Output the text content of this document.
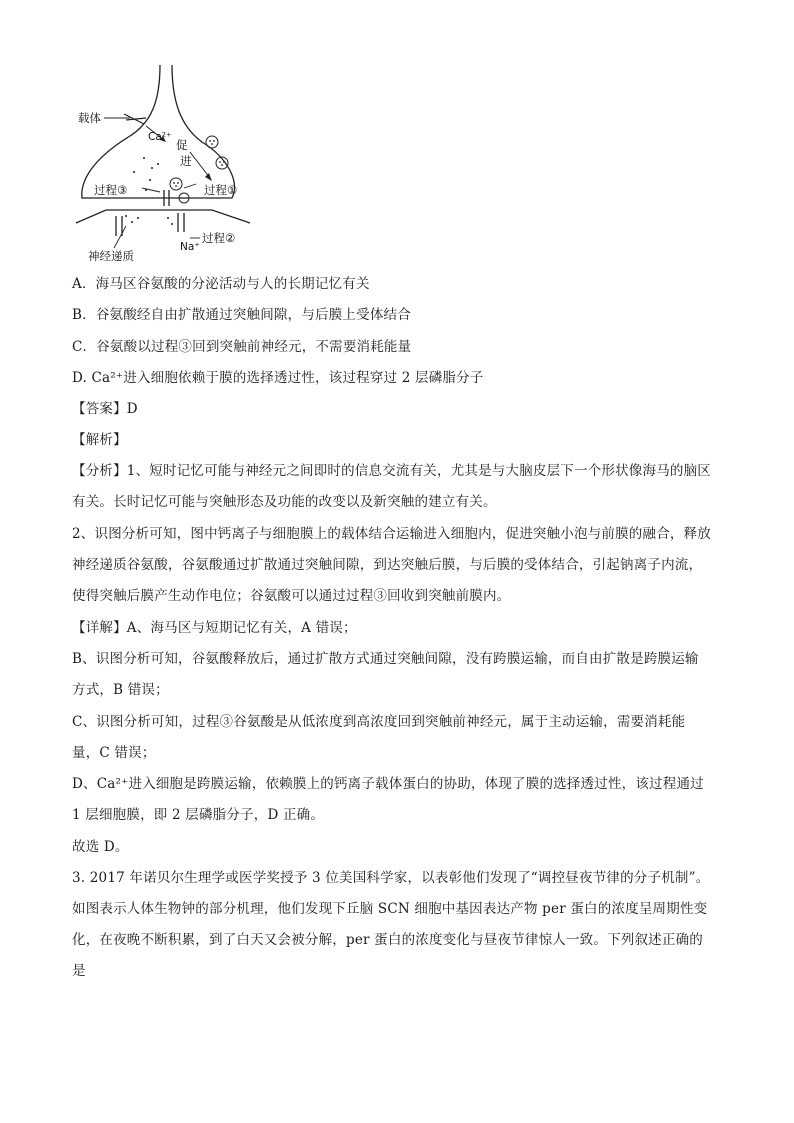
载体
Ca²⁺
促
进
过程③	过程①
Na⁺
过程②
神经递质
A．海马区谷氨酸的分泌活动与人的长期记忆有关
B．谷氨酸经自由扩散通过突触间隙，与后膜上受体结合
C．谷氨酸以过程③回到突触前神经元，不需要消耗能量
D. Ca²⁺进入细胞依赖于膜的选择透过性，该过程穿过 2 层磷脂分子
【答案】D
【解析】
【分析】1、短时记忆可能与神经元之间即时的信息交流有关，尤其是与大脑皮层下一个形状像海马的脑区
有关。长时记忆可能与突触形态及功能的改变以及新突触的建立有关。
2、识图分析可知，图中钙离子与细胞膜上的载体结合运输进入细胞内，促进突触小泡与前膜的融合，释放
神经递质谷氨酸，谷氨酸通过扩散通过突触间隙，到达突触后膜，与后膜的受体结合，引起钠离子内流，
使得突触后膜产生动作电位；谷氨酸可以通过过程③回收到突触前膜内。
【详解】A、海马区与短期记忆有关，A 错误；
B、识图分析可知，谷氨酸释放后，通过扩散方式通过突触间隙，没有跨膜运输，而自由扩散是跨膜运输
方式，B 错误；
C、识图分析可知，过程③谷氨酸是从低浓度到高浓度回到突触前神经元，属于主动运输，需要消耗能
量，C 错误；
D、Ca²⁺进入细胞是跨膜运输，依赖膜上的钙离子载体蛋白的协助，体现了膜的选择透过性，该过程通过
1 层细胞膜，即 2 层磷脂分子，D 正确。
故选 D。
3. 2017 年诺贝尔生理学或医学奖授予 3 位美国科学家，以表彰他们发现了“调控昼夜节律的分子机制”。
如图表示人体生物钟的部分机理，他们发现下丘脑 SCN 细胞中基因表达产物 per 蛋白的浓度呈周期性变
化，在夜晚不断积累，到了白天又会被分解，per 蛋白的浓度变化与昼夜节律惊人一致。下列叙述正确的
是
